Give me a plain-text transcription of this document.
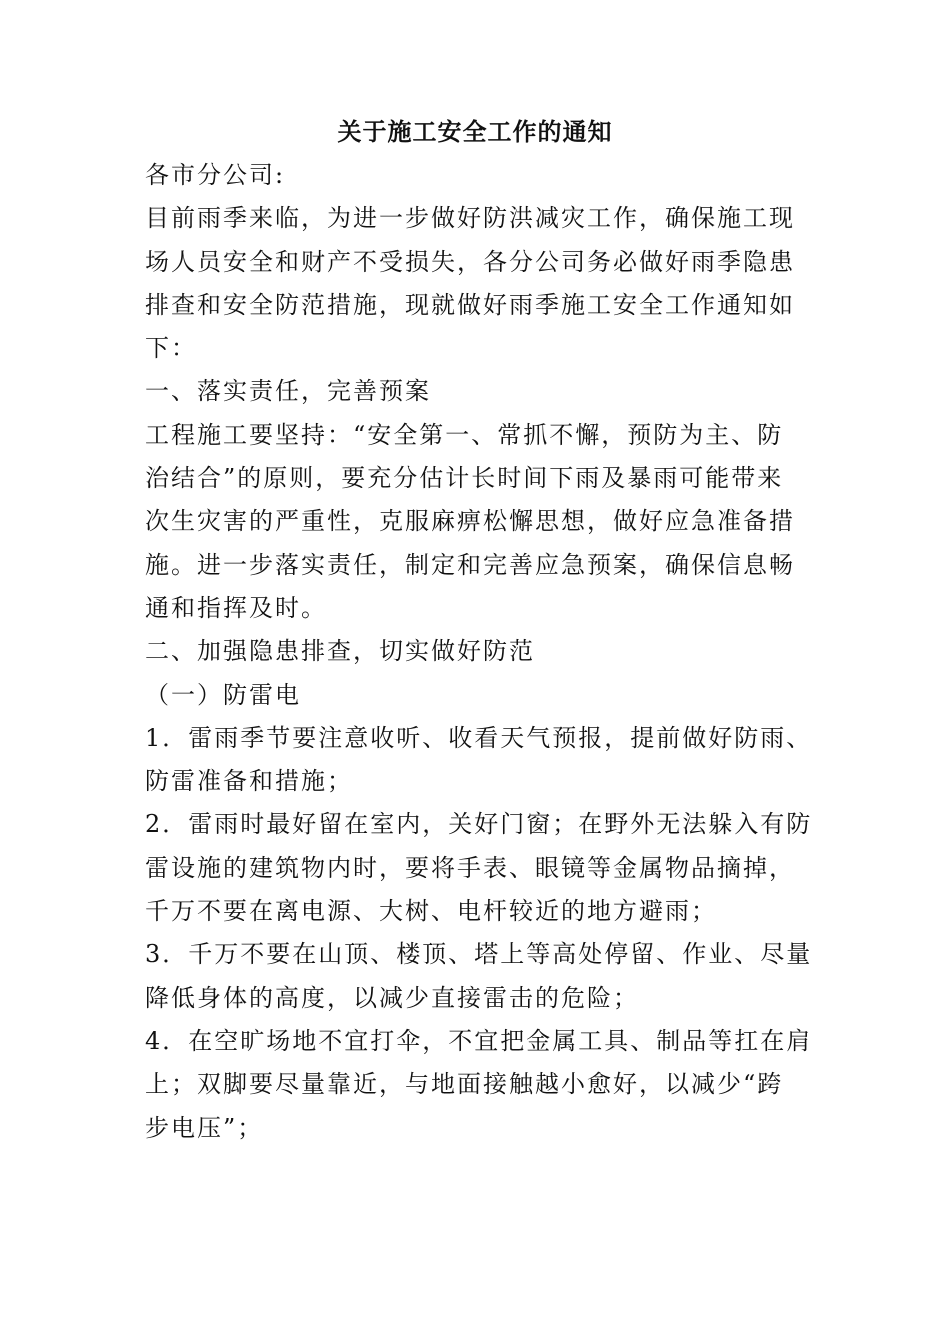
关于施工安全工作的通知
各市分公司:
目前雨季来临，为进一步做好防洪减灾工作，确保施工现
场人员安全和财产不受损失，各分公司务必做好雨季隐患
排查和安全防范措施，现就做好雨季施工安全工作通知如
下：
一、落实责任，完善预案
工程施工要坚持：“安全第一、常抓不懈，预防为主、防
治结合”的原则，要充分估计长时间下雨及暴雨可能带来
次生灾害的严重性，克服麻痹松懈思想，做好应急准备措
施。进一步落实责任，制定和完善应急预案，确保信息畅
通和指挥及时。
二、加强隐患排查，切实做好防范
（一）防雷电
1．雷雨季节要注意收听、收看天气预报，提前做好防雨、
防雷准备和措施；
2．雷雨时最好留在室内，关好门窗；在野外无法躲入有防
雷设施的建筑物内时，要将手表、眼镜等金属物品摘掉，
千万不要在离电源、大树、电杆较近的地方避雨；
3．千万不要在山顶、楼顶、塔上等高处停留、作业、尽量
降低身体的高度，以减少直接雷击的危险；
4．在空旷场地不宜打伞，不宜把金属工具、制品等扛在肩
上；双脚要尽量靠近，与地面接触越小愈好，以减少“跨
步电压”；
